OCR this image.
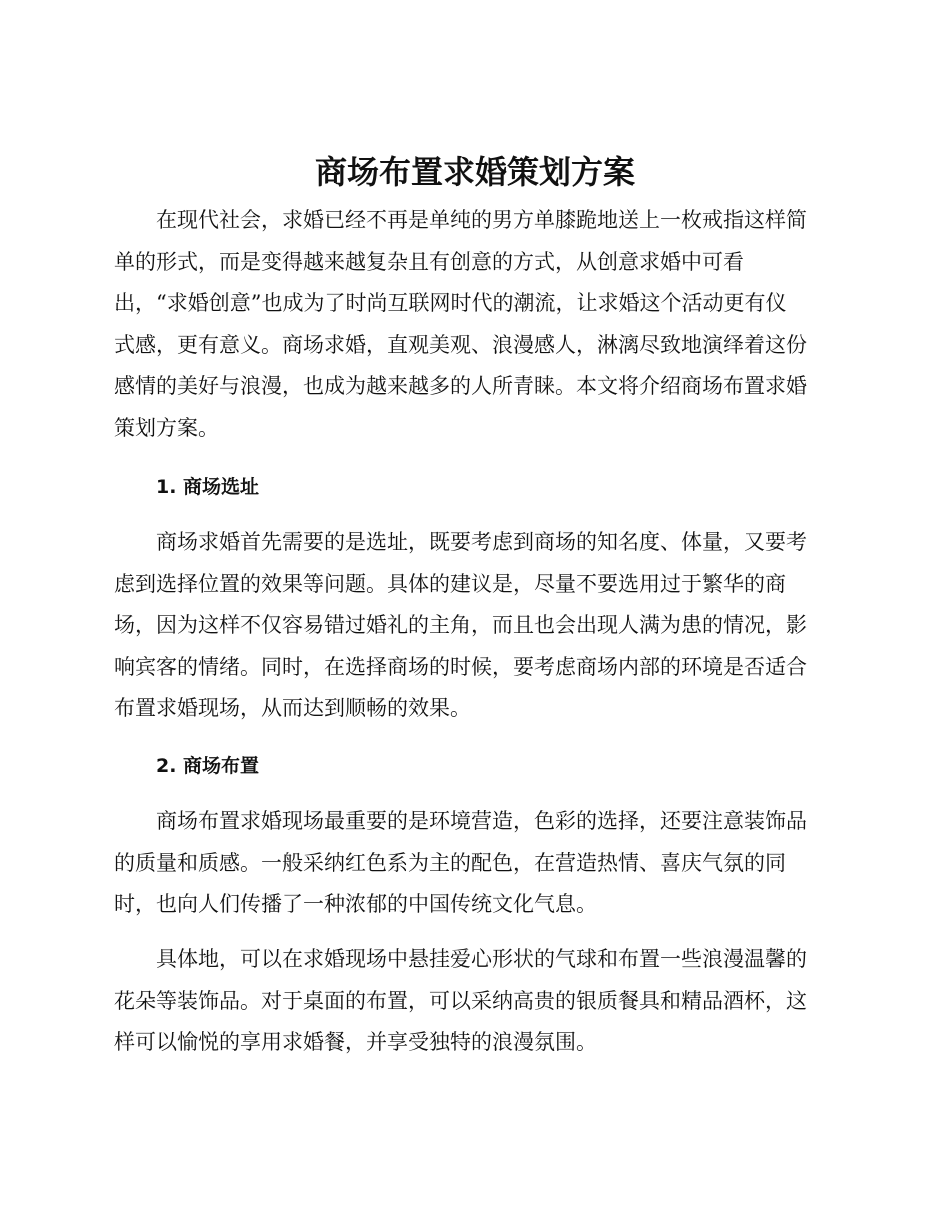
商场布置求婚策划方案
在现代社会，求婚已经不再是单纯的男方单膝跪地送上一枚戒指这样简
单的形式，而是变得越来越复杂且有创意的方式，从创意求婚中可看
出，“求婚创意”也成为了时尚互联网时代的潮流，让求婚这个活动更有仪
式感，更有意义。商场求婚，直观美观、浪漫感人，淋漓尽致地演绎着这份
感情的美好与浪漫，也成为越来越多的人所青睐。本文将介绍商场布置求婚
策划方案。
1. 商场选址
商场求婚首先需要的是选址，既要考虑到商场的知名度、体量，又要考
虑到选择位置的效果等问题。具体的建议是，尽量不要选用过于繁华的商
场，因为这样不仅容易错过婚礼的主角，而且也会出现人满为患的情况，影
响宾客的情绪。同时，在选择商场的时候，要考虑商场内部的环境是否适合
布置求婚现场，从而达到顺畅的效果。
2. 商场布置
商场布置求婚现场最重要的是环境营造，色彩的选择，还要注意装饰品
的质量和质感。一般采纳红色系为主的配色，在营造热情、喜庆气氛的同
时，也向人们传播了一种浓郁的中国传统文化气息。
具体地，可以在求婚现场中悬挂爱心形状的气球和布置一些浪漫温馨的
花朵等装饰品。对于桌面的布置，可以采纳高贵的银质餐具和精品酒杯，这
样可以愉悦的享用求婚餐，并享受独特的浪漫氛围。
